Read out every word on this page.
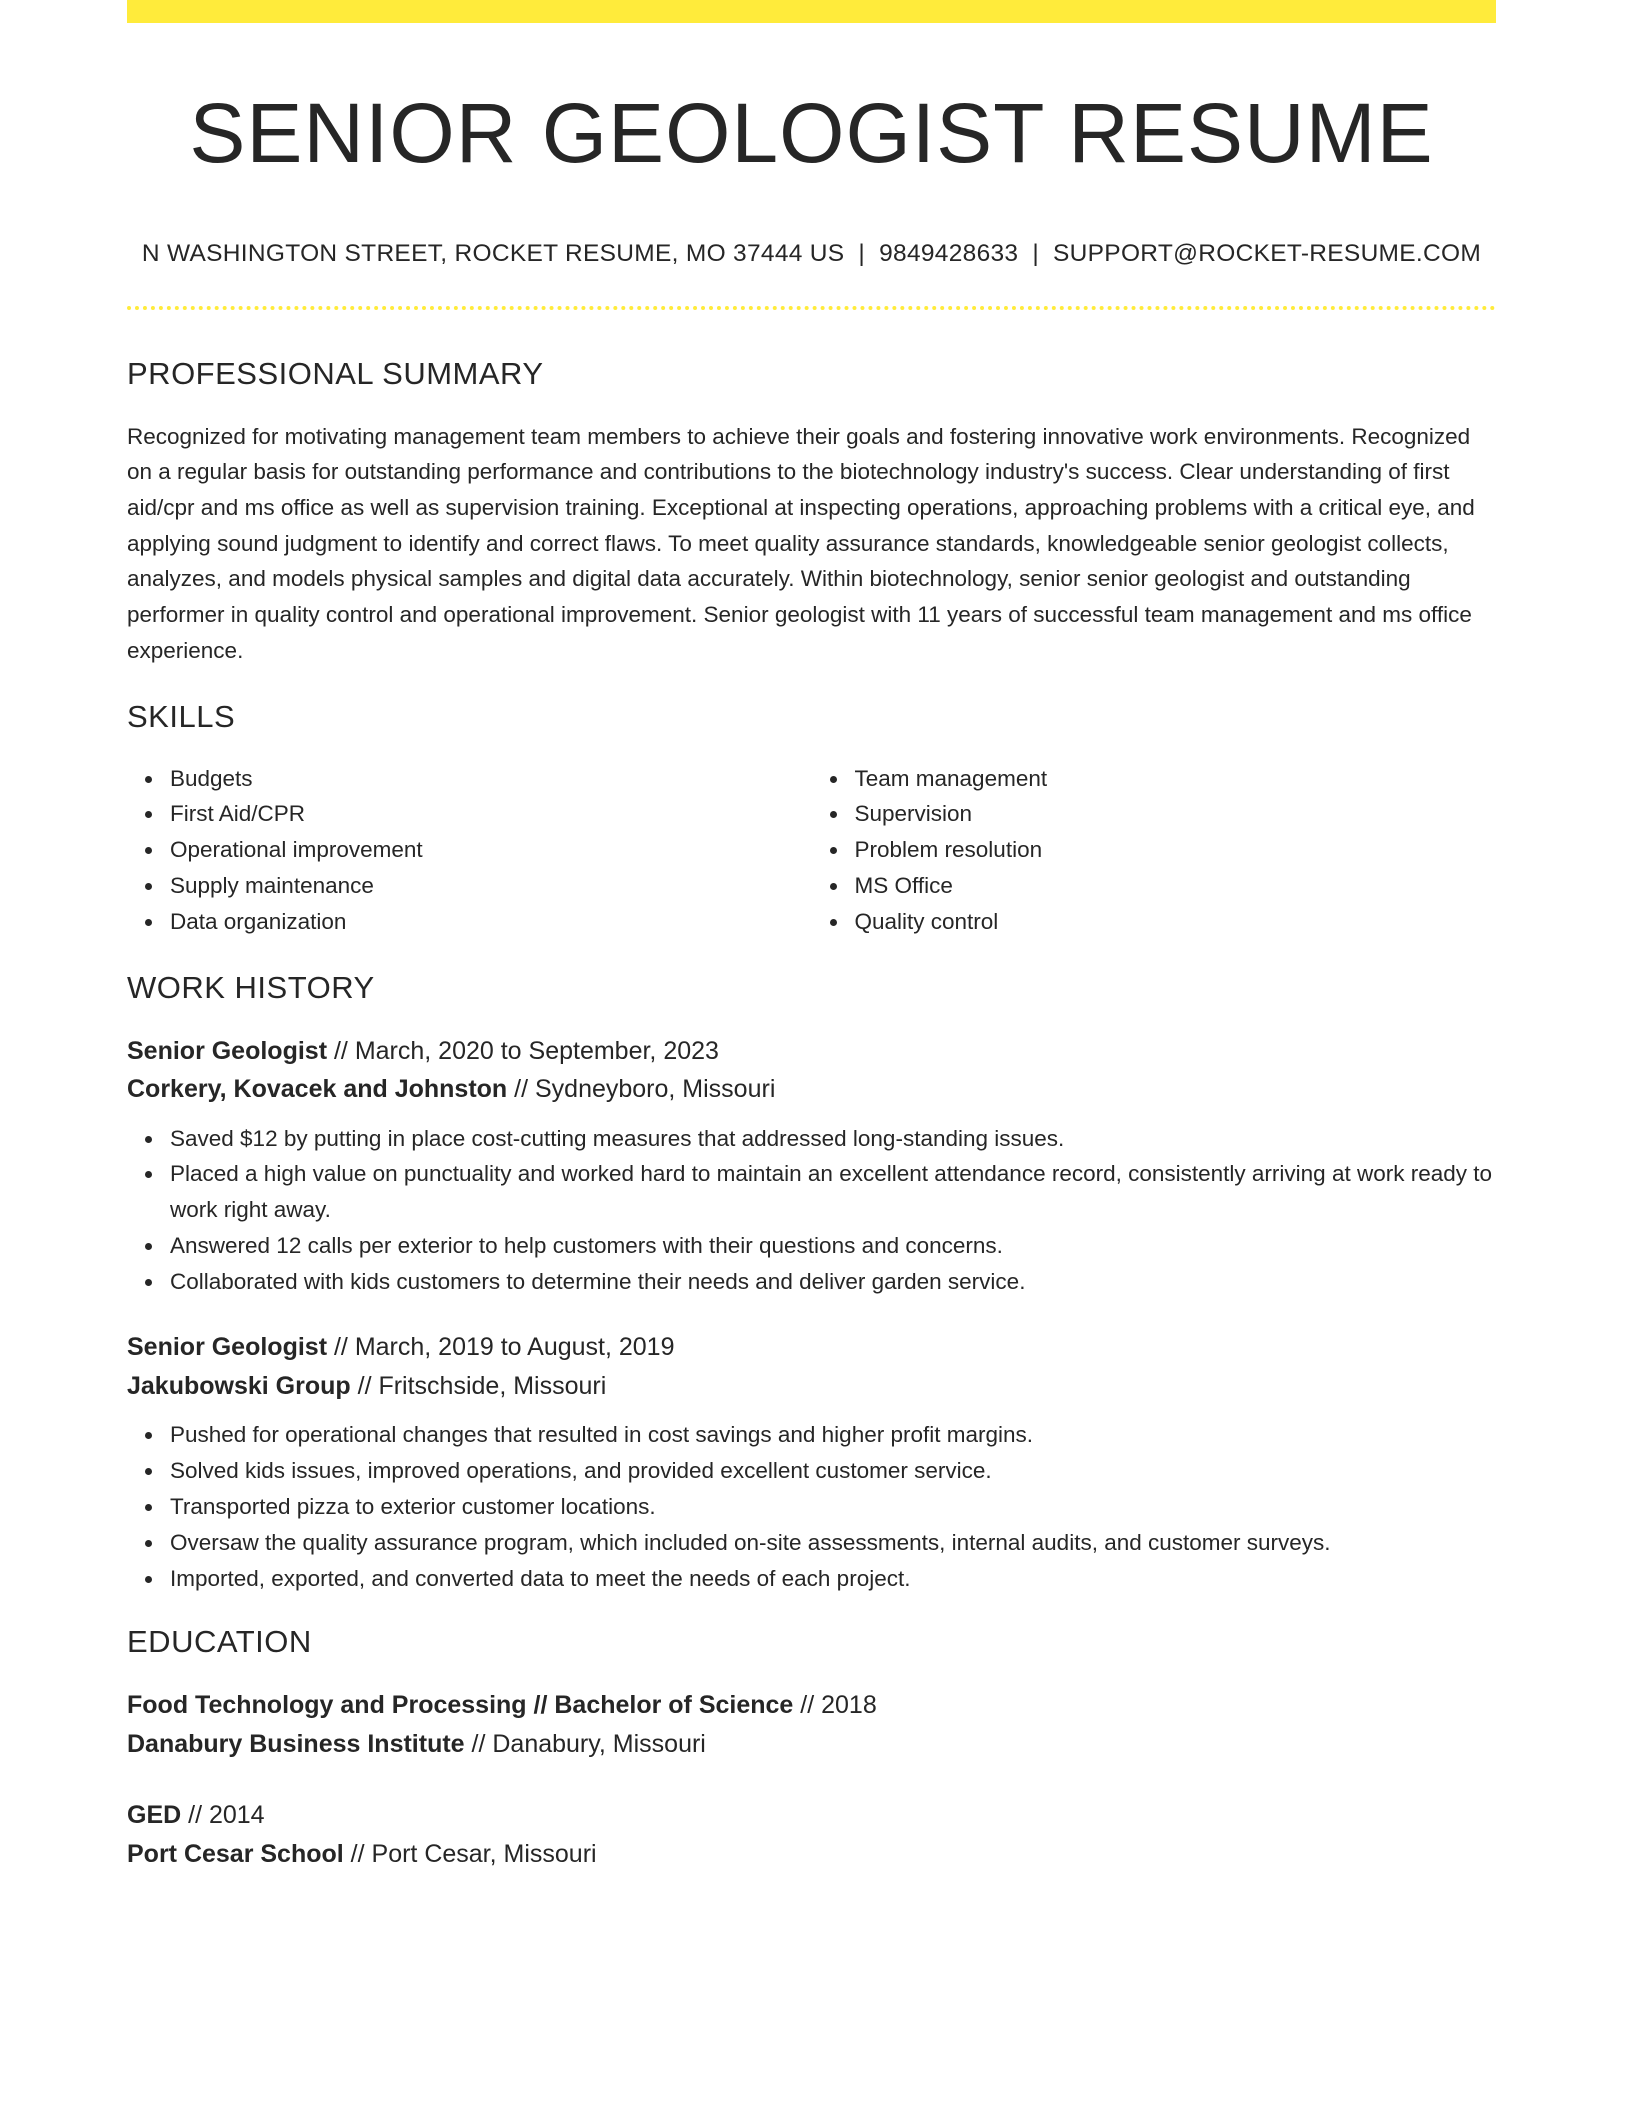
SENIOR GEOLOGIST RESUME
N WASHINGTON STREET, ROCKET RESUME, MO 37444 US | 9849428633 | SUPPORT@ROCKET-RESUME.COM
PROFESSIONAL SUMMARY

Recognized for motivating management team members to achieve their goals and fostering innovative work environments. Recognized on a regular basis for outstanding performance and contributions to the biotechnology industry's success. Clear understanding of first aid/cpr and ms office as well as supervision training. Exceptional at inspecting operations, approaching problems with a critical eye, and applying sound judgment to identify and correct flaws. To meet quality assurance standards, knowledgeable senior geologist collects, analyzes, and models physical samples and digital data accurately. Within biotechnology, senior senior geologist and outstanding performer in quality control and operational improvement. Senior geologist with 11 years of successful team management and ms office experience.

SKILLS
Budgets
First Aid/CPR
Operational improvement
Supply maintenance
Data organization
Team management
Supervision
Problem resolution
MS Office
Quality control
WORK HISTORY
Senior Geologist // March, 2020 to September, 2023
Corkery, Kovacek and Johnston // Sydneyboro, Missouri
Saved $12 by putting in place cost-cutting measures that addressed long-standing issues.
Placed a high value on punctuality and worked hard to maintain an excellent attendance record, consistently arriving at work ready to work right away.
Answered 12 calls per exterior to help customers with their questions and concerns.
Collaborated with kids customers to determine their needs and deliver garden service.
Senior Geologist // March, 2019 to August, 2019
Jakubowski Group // Fritschside, Missouri
Pushed for operational changes that resulted in cost savings and higher profit margins.
Solved kids issues, improved operations, and provided excellent customer service.
Transported pizza to exterior customer locations.
Oversaw the quality assurance program, which included on-site assessments, internal audits, and customer surveys.
Imported, exported, and converted data to meet the needs of each project.
EDUCATION
Food Technology and Processing // Bachelor of Science // 2018
Danabury Business Institute // Danabury, Missouri
GED // 2014
Port Cesar School // Port Cesar, Missouri
